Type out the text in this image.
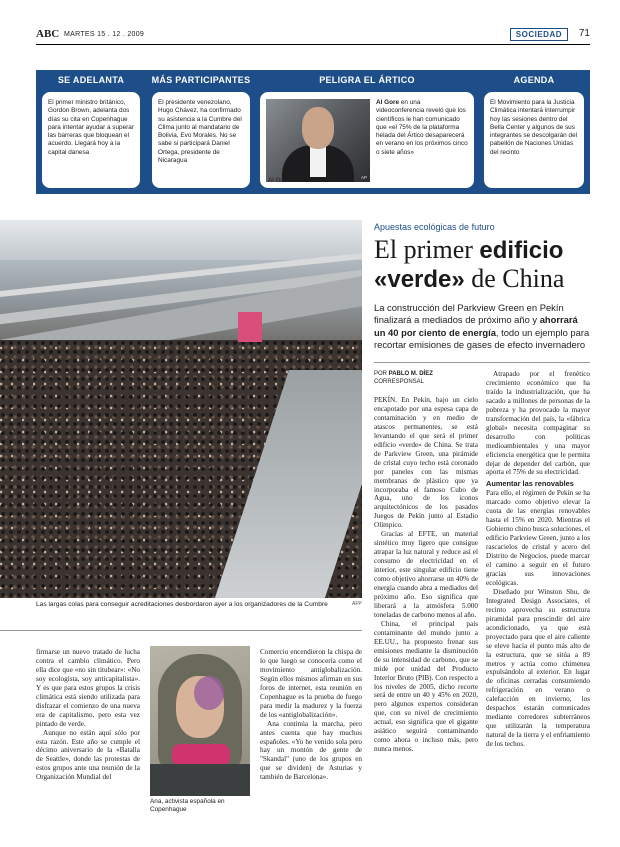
ABC MARTES 15 . 12 . 2009	SOCIEDAD	71
SE ADELANTA

El primer ministro británico, Gordon Brown, adelanta dos días su cita en Copenhague para intentar ayudar a superar las barreras que bloquean el acuerdo. Llegará hoy a la capital danesa

MÁS PARTICIPANTES

El presidente venezolano, Hugo Chávez, ha confirmado su asistencia a la Cumbre del Clima junto al mandatario de Bolivia, Evo Morales. No se sabe si participará Daniel Ortega, presidente de Nicaragua

PELIGRA EL ÁRTICO
AP
Al Gore
Al Gore en una videoconferencia reveló que los científicos le han comunicado que «el 75% de la plataforma helada del Ártico desaparecerá en verano en los próximos cinco o siete años»
AGENDA

El Movimiento para la Justicia Climática intentará interrumpir hoy las sesiones dentro del Bella Center y algunos de sus integrantes se descolgarán del pabellón de Naciones Unidas del recinto

Las largas colas para conseguir acreditaciones desbordaron ayer a los organizadores de la Cumbre	AFP
Apuestas ecológicas de futuro
El primer edificio
«verde» de China
La construcción del Parkview Green en Pekín finalizará a mediados de próximo año y ahorrará un 40 por ciento de energía, todo un ejemplo para recortar emisiones de gases de efecto invernadero
POR PABLO M. DÍEZ
CORRESPONSAL

PEKÍN. En Pekín, bajo un cielo encapotado por una espesa capa de contaminación y en medio de atascos permanentes, se está levantando el que será el primer edificio «verde» de China. Se trata de Parkview Green, una pirámide de cristal cuyo techo está coronado por paneles con las mismas membranas de plástico que ya incorporaba el famoso Cubo de Agua, uno de los iconos arquitectónicos de los pasados Juegos de Pekín junto al Estadio Olímpico.

Gracias al EFTE, un material sintético muy ligero que consigue atrapar la luz natural y reduce así el consumo de electricidad en el interior, este singular edificio tiene como objetivo ahorrarse un 40% de energía cuando abra a mediados del próximo año. Eso significa que liberará a la atmósfera 5.000 toneladas de carbono menos al año.

China, el principal país contaminante del mundo junto a EE.UU., ha propuesto frenar sus emisiones mediante la disminución de su intensidad de carbono, que se mide por unidad del Producto Interior Bruto (PIB). Con respecto a los niveles de 2005, dicho recorte será de entre un 40 y 45% en 2020, pero algunos expertos consideran que, con su nivel de crecimiento actual, eso significa que el gigante asiático seguirá contaminando como ahora o incluso más, pero nunca menos.

Atrapado por el frenético crecimiento económico que ha traído la industrialización, que ha sacado a millones de personas de la pobreza y ha provocado la mayor transformación del país, la «fábrica global» necesita compaginar su desarrollo con políticas medioambientales y una mayor eficiencia energética que le permita dejar de depender del carbón, que aporta el 75% de su electricidad.

Aumentar las renovables

Para ello, el régimen de Pekín se ha marcado como objetivo elevar la cuota de las energías renovables hasta el 15% en 2020. Mientras el Gobierno chino busca soluciones, el edificio Parkview Green, junto a los rascacielos de cristal y acero del Distrito de Negocios, puede marcar el camino a seguir en el futuro gracias sus innovaciones ecológicas.

Diseñado por Winston Shu, de Integrated Design Associates, el recinto aprovecha su estructura piramidal para prescindir del aire acondicionado, ya que está proyectado para que el aire caliente se eleve hacia el punto más alto de la estructura, que se sitúa a 89 metros y actúa como chimenea expulsándolo al exterior. En lugar de oficinas cerradas consumiendo refrigeración en verano o calefacción en invierno, los despachos estarán comunicados mediante corredores subterráneos que utilizarán la temperatura natural de la tierra y el enfriamiento de los techos.

firmarse un nuevo tratado de lucha contra el cambio climático. Pero ella dice que «no sin titubear»: «No soy ecologista, soy anticapitalista». Y es que para estos grupos la crisis climática está siendo utilizada para disfrazar el comienzo de una nueva era de capitalismo, pero esta vez pintado de verde.

Aunque no están aquí sólo por esta razón. Este año se cumple el décimo aniversario de la «Batalla de Seattle», donde las protestas de estos grupos ante una reunión de la Organización Mundial del

Ana, activista española en Copenhague

Comercio encendieron la chispa de lo que luego se conocería como el movimiento antiglobalización. Según ellos mismos afirman en sus foros de internet, esta reunión en Copenhague es la prueba de fuego para medir la madurez y la fuerza de los «antiglobalización».

Ana continúa la marcha, pero antes cuenta que hay muchos españoles. «Yo he venido sola pero hay un montón de gente de "Skandal" (uno de los grupos en que se dividen) de Asturias y también de Barcelona».
